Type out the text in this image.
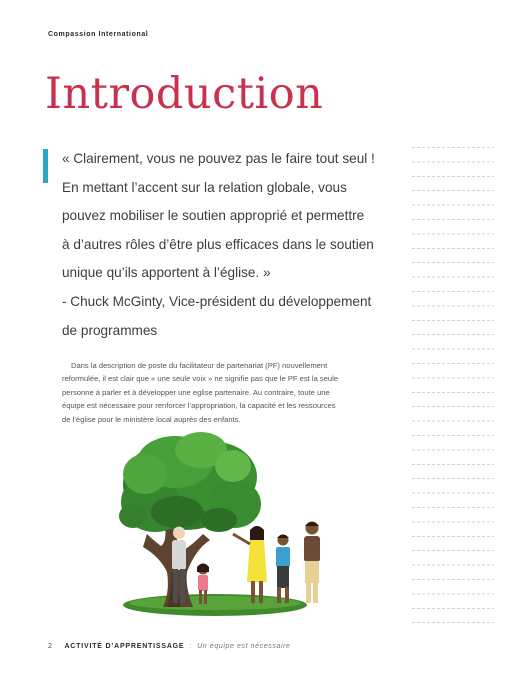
Compassion International
Introduction

« Clairement, vous ne pouvez pas le faire tout seul !

En mettant l’accent sur la relation globale, vous

pouvez mobiliser le soutien approprié et permettre

à d’autres rôles d’être plus efficaces dans le soutien

unique qu’ils apportent à l’église. »

- Chuck McGinty, Vice-président du développement

de programmes

Dans la description de poste du facilitateur de partenariat (PF) nouvellement

reformulée, il est clair que « une seule voix » ne signifie pas que le PF est la seule

personne à parler et à développer une eglise partenaire. Au contraire, toute une

équipe est nécessaire pour renforcer l’appropriation, la capacité et les ressources

de l’église pour le ministère local auprès des enfants.

2 ACTIVITÉ D’APPRENTISSAGE : Un équipe est nécessaire
